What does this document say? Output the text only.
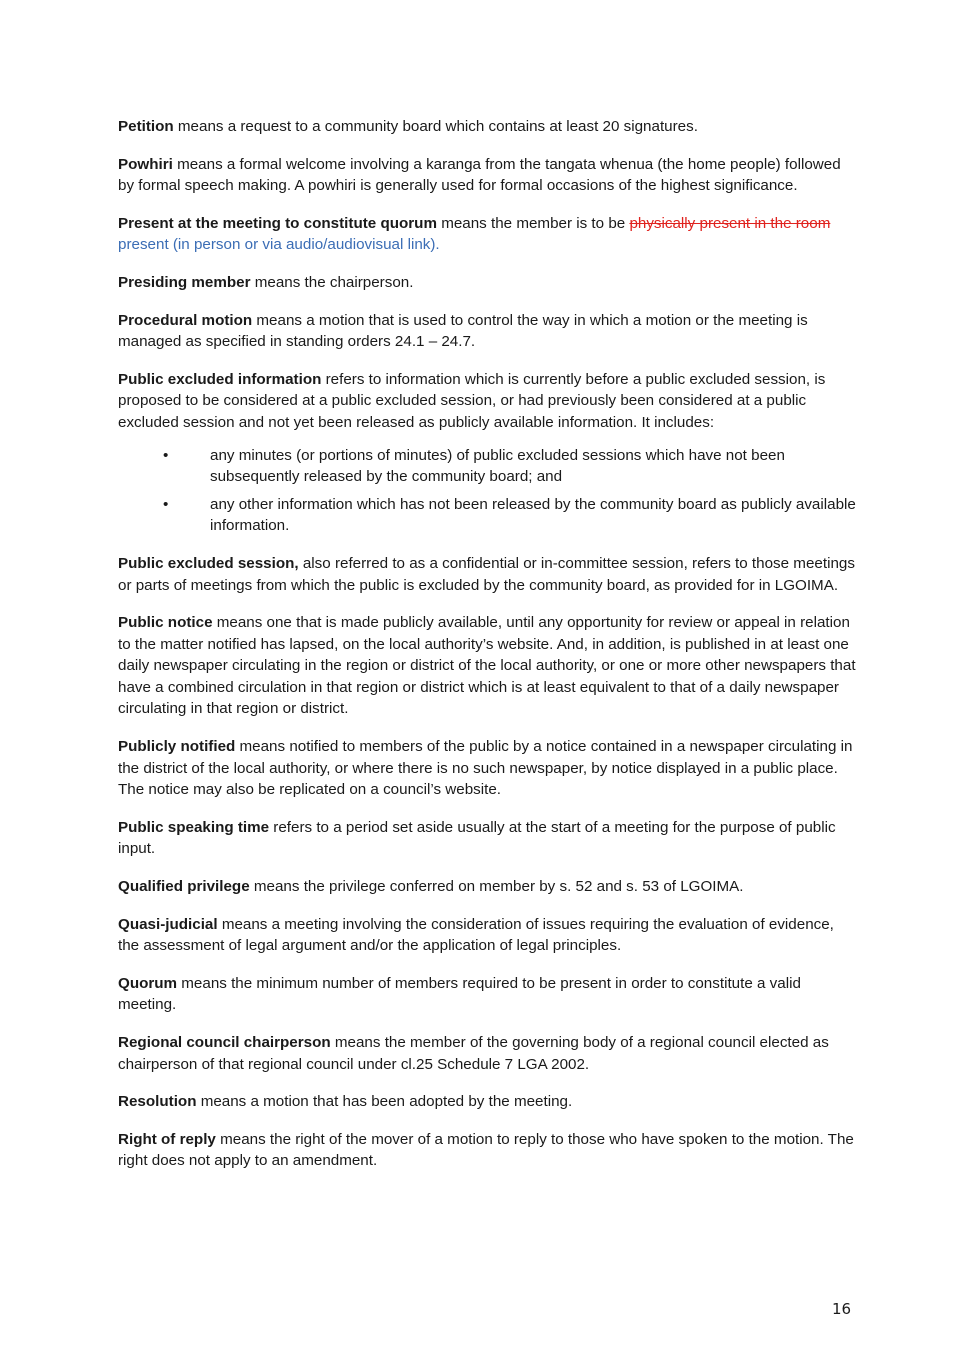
Petition means a request to a community board which contains at least 20 signatures.

Powhiri means a formal welcome involving a karanga from the tangata whenua (the home people) followed by formal speech making. A powhiri is generally used for formal occasions of the highest significance.

Present at the meeting to constitute quorum means the member is to be physically present in the room present (in person or via audio/audiovisual link).

Presiding member means the chairperson.

Procedural motion means a motion that is used to control the way in which a motion or the meeting is managed as specified in standing orders 24.1 – 24.7.

Public excluded information refers to information which is currently before a public excluded session, is proposed to be considered at a public excluded session, or had previously been considered at a public excluded session and not yet been released as publicly available information. It includes:

•	any minutes (or portions of minutes) of public excluded sessions which have not been subsequently released by the community board; and
•	any other information which has not been released by the community board as publicly available information.

Public excluded session, also referred to as a confidential or in-committee session, refers to those meetings or parts of meetings from which the public is excluded by the community board, as provided for in LGOIMA.

Public notice means one that is made publicly available, until any opportunity for review or appeal in relation to the matter notified has lapsed, on the local authority’s website. And, in addition, is published in at least one daily newspaper circulating in the region or district of the local authority, or one or more other newspapers that have a combined circulation in that region or district which is at least equivalent to that of a daily newspaper circulating in that region or district.

Publicly notified means notified to members of the public by a notice contained in a newspaper circulating in the district of the local authority, or where there is no such newspaper, by notice displayed in a public place. The notice may also be replicated on a council’s website.

Public speaking time refers to a period set aside usually at the start of a meeting for the purpose of public input.

Qualified privilege means the privilege conferred on member by s. 52 and s. 53 of LGOIMA.

Quasi-judicial means a meeting involving the consideration of issues requiring the evaluation of evidence, the assessment of legal argument and/or the application of legal principles.

Quorum means the minimum number of members required to be present in order to constitute a valid meeting.

Regional council chairperson means the member of the governing body of a regional council elected as chairperson of that regional council under cl.25 Schedule 7 LGA 2002.

Resolution means a motion that has been adopted by the meeting.

Right of reply means the right of the mover of a motion to reply to those who have spoken to the motion. The right does not apply to an amendment.

16
